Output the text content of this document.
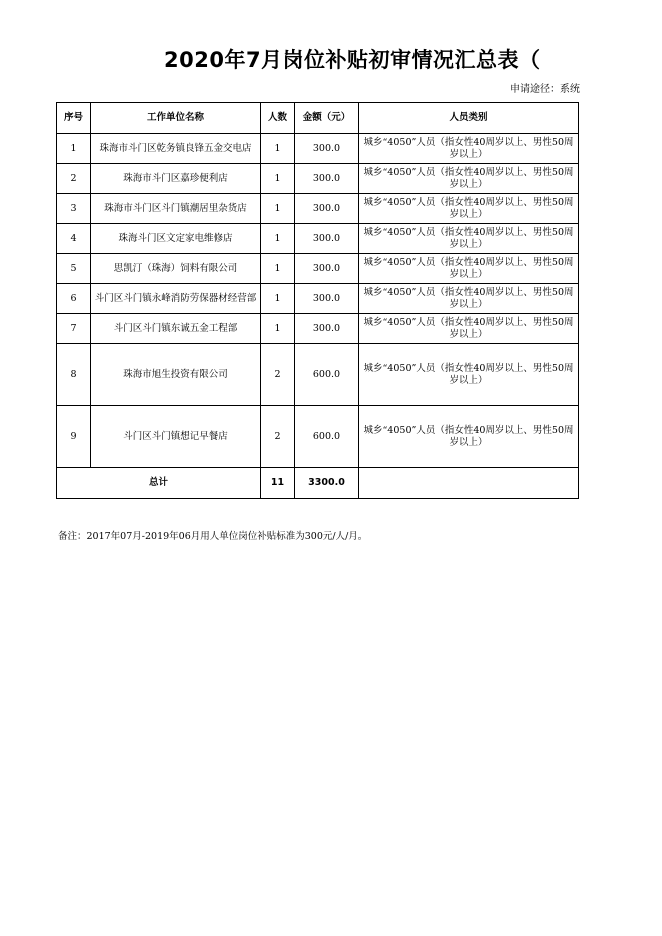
2020年7月岗位补贴初审情况汇总表（
申请途径：系统
序号	工作单位名称	人数	金额（元）	人员类别
1	珠海市斗门区乾务镇良锋五金交电店	1	300.0	城乡“4050”人员（指女性40周岁以上、男性50周岁以上）
2	珠海市斗门区嘉珍便利店	1	300.0	城乡“4050”人员（指女性40周岁以上、男性50周岁以上）
3	珠海市斗门区斗门镇潮居里杂货店	1	300.0	城乡“4050”人员（指女性40周岁以上、男性50周岁以上）
4	珠海斗门区文定家电维修店	1	300.0	城乡“4050”人员（指女性40周岁以上、男性50周岁以上）
5	思凯汀（珠海）饲料有限公司	1	300.0	城乡“4050”人员（指女性40周岁以上、男性50周岁以上）
6	斗门区斗门镇永峰消防劳保器材经营部	1	300.0	城乡“4050”人员（指女性40周岁以上、男性50周岁以上）
7	斗门区斗门镇东诚五金工程部	1	300.0	城乡“4050”人员（指女性40周岁以上、男性50周岁以上）
8	珠海市旭生投资有限公司	2	600.0	城乡“4050”人员（指女性40周岁以上、男性50周岁以上）
9	斗门区斗门镇想记早餐店	2	600.0	城乡“4050”人员（指女性40周岁以上、男性50周岁以上）
总计		11	3300.0	
备注：2017年07月-2019年06月用人单位岗位补贴标准为300元/人/月。
